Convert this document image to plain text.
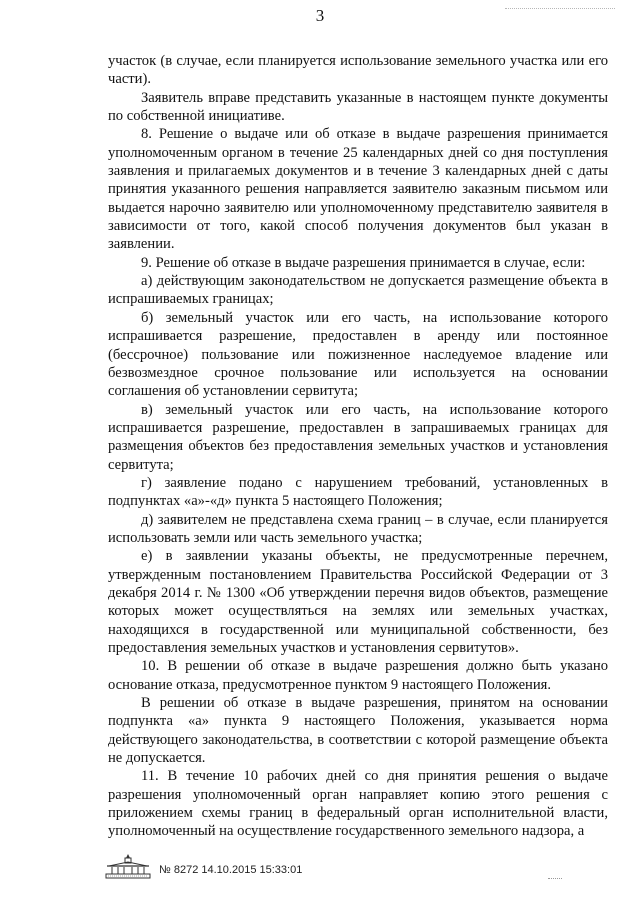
3

участок (в случае, если планируется использование земельного участка или его части).

Заявитель вправе представить указанные в настоящем пункте документы по собственной инициативе.

8. Решение о выдаче или об отказе в выдаче разрешения принимается уполномоченным органом в течение 25 календарных дней со дня поступления заявления и прилагаемых документов и в течение 3 календарных дней с даты принятия указанного решения направляется заявителю заказным письмом или выдается нарочно заявителю или уполномоченному представителю заявителя в зависимости от того, какой способ получения документов был указан в заявлении.

9. Решение об отказе в выдаче разрешения принимается в случае, если:

а) действующим законодательством не допускается размещение объекта в испрашиваемых границах;

б) земельный участок или его часть, на использование которого испрашивается разрешение, предоставлен в аренду или постоянное (бессрочное) пользование или пожизненное наследуемое владение или безвозмездное срочное пользование или используется на основании соглашения об установлении сервитута;

в) земельный участок или его часть, на использование которого испрашивается разрешение, предоставлен в запрашиваемых границах для размещения объектов без предоставления земельных участков и установления сервитута;

г) заявление подано с нарушением требований, установленных в подпунктах «а»-«д» пункта 5 настоящего Положения;

д) заявителем не представлена схема границ – в случае, если планируется использовать земли или часть земельного участка;

е) в заявлении указаны объекты, не предусмотренные перечнем, утвержденным постановлением Правительства Российской Федерации от 3 декабря 2014 г. № 1300 «Об утверждении перечня видов объектов, размещение которых может осуществляться на землях или земельных участках, находящихся в государственной или муниципальной собственности, без предоставления земельных участков и установления сервитутов».

10. В решении об отказе в выдаче разрешения должно быть указано основание отказа, предусмотренное пунктом 9 настоящего Положения.

В решении об отказе в выдаче разрешения, принятом на основании подпункта «а» пункта 9 настоящего Положения, указывается норма действующего законодательства, в соответствии с которой размещение объекта не допускается.

11. В течение 10 рабочих дней со дня принятия решения о выдаче разрешения уполномоченный орган направляет копию этого решения с приложением схемы границ в федеральный орган исполнительной власти, уполномоченный на осуществление государственного земельного надзора, а

№ 8272 14.10.2015 15:33:01
